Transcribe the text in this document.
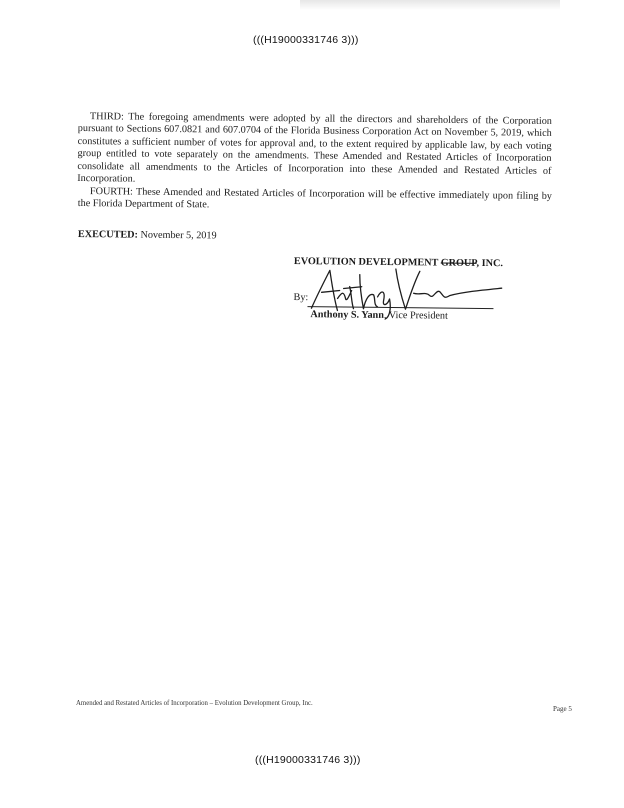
(((H19000331746 3)))
THIRD: The foregoing amendments were adopted by all the directors and shareholders of the Corporation pursuant to Sections 607.0821 and 607.0704 of the Florida Business Corporation Act on November 5, 2019, which constitutes a sufficient number of votes for approval and, to the extent required by applicable law, by each voting group entitled to vote separately on the amendments. These Amended and Restated Articles of Incorporation consolidate all amendments to the Articles of Incorporation into these Amended and Restated Articles of Incorporation.
FOURTH: These Amended and Restated Articles of Incorporation will be effective immediately upon filing by the Florida Department of State.
EXECUTED: November 5, 2019
EVOLUTION DEVELOPMENT GROUP, INC.
By:
Anthony S. Yann, Vice President
Amended and Restated Articles of Incorporation – Evolution Development Group, Inc.
Page 5
(((H19000331746 3)))
